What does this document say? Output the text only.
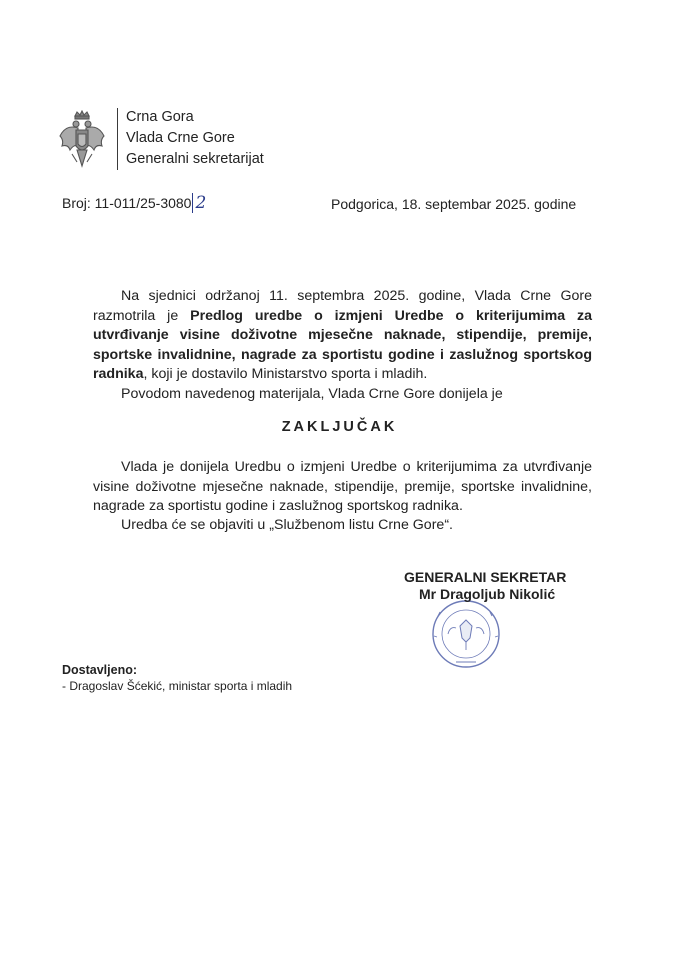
Crna Gora
Vlada Crne Gore
Generalni sekretarijat
Broj: 11-011/25-3080 2	Podgorica, 18. septembar 2025. godine
Na sjednici održanoj 11. septembra 2025. godine, Vlada Crne Gore razmotrila je Predlog uredbe o izmjeni Uredbe o kriterijumima za utvrđivanje visine doživotne mjesečne naknade, stipendije, premije, sportske invalidnine, nagrade za sportistu godine i zaslužnog sportskog radnika, koji je dostavilo Ministarstvo sporta i mladih.
Povodom navedenog materijala, Vlada Crne Gore donijela je
ZAKLJUČAK
Vlada je donijela Uredbu o izmjeni Uredbe o kriterijumima za utvrđivanje visine doživotne mjesečne naknade, stipendije, premije, sportske invalidnine, nagrade za sportistu godine i zaslužnog sportskog radnika.
Uredba će se objaviti u „Službenom listu Crne Gore“.
GENERALNI SEKRETAR
Mr Dragoljub Nikolić
Dostavljeno:
- Dragoslav Šćekić, ministar sporta i mladih
